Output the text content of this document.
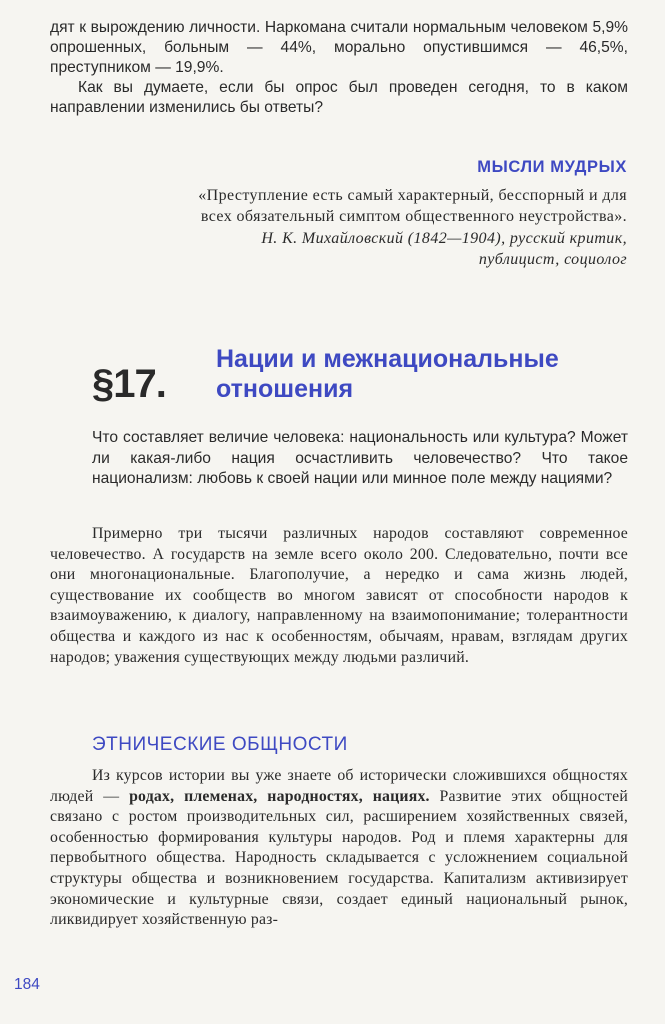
дят к вырождению личности. Наркомана считали нормальным человеком 5,9% опрошенных, больным — 44%, морально опустившимся — 46,5%, преступником — 19,9%.

Как вы думаете, если бы опрос был проведен сегодня, то в каком направлении изменились бы ответы?

МЫСЛИ МУДРЫХ

«Преступление есть самый характерный, бесспорный и для всех обязательный симптом общественного неустройства».

Н. К. Михайловский (1842—1904), русский критик, публицист, социолог

§17.
Нации и межнациональные отношения

Что составляет величие человека: национальность или культура? Может ли какая-либо нация осчастливить человечество? Что такое национализм: любовь к своей нации или минное поле между нациями?

Примерно три тысячи различных народов составляют современное человечество. А государств на земле всего около 200. Следовательно, почти все они многонациональные. Благополучие, а нередко и сама жизнь людей, существование их сообществ во многом зависят от способности народов к взаимоуважению, к диалогу, направленному на взаимопонимание; толерантности общества и каждого из нас к особенностям, обычаям, нравам, взглядам других народов; уважения существующих между людьми различий.

ЭТНИЧЕСКИЕ ОБЩНОСТИ

Из курсов истории вы уже знаете об исторически сложившихся общностях людей — родах, племенах, народностях, нациях. Развитие этих общностей связано с ростом производительных сил, расширением хозяйственных связей, особенностью формирования культуры народов. Род и племя характерны для первобытного общества. Народность складывается с усложнением социальной структуры общества и возникновением государства. Капитализм активизирует экономические и культурные связи, создает единый национальный рынок, ликвидирует хозяйственную раз-

184
